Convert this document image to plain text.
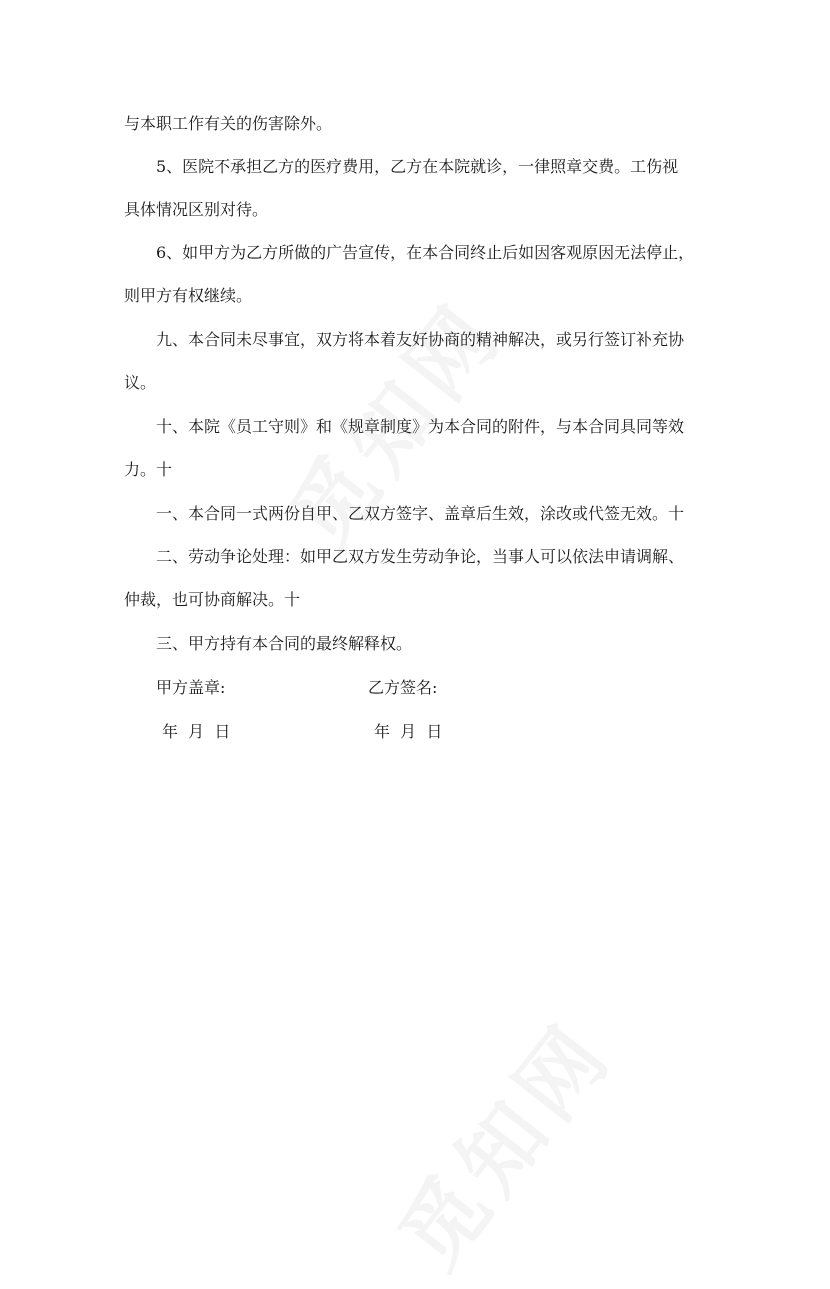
与本职工作有关的伤害除外。
5、医院不承担乙方的医疗费用，乙方在本院就诊，一律照章交费。工伤视
具体情况区别对待。
6、如甲方为乙方所做的广告宣传，在本合同终止后如因客观原因无法停止，
则甲方有权继续。
九、本合同未尽事宜，双方将本着友好协商的精神解决，或另行签订补充协
议。
十、本院《员工守则》和《规章制度》为本合同的附件，与本合同具同等效
力。十
一、本合同一式两份自甲、乙双方签字、盖章后生效，涂改或代签无效。十
二、劳动争论处理：如甲乙双方发生劳动争论，当事人可以依法申请调解、
仲裁，也可协商解决。十
三、甲方持有本合同的最终解释权。
甲方盖章:	乙方签名:
年  月  日	年  月  日
